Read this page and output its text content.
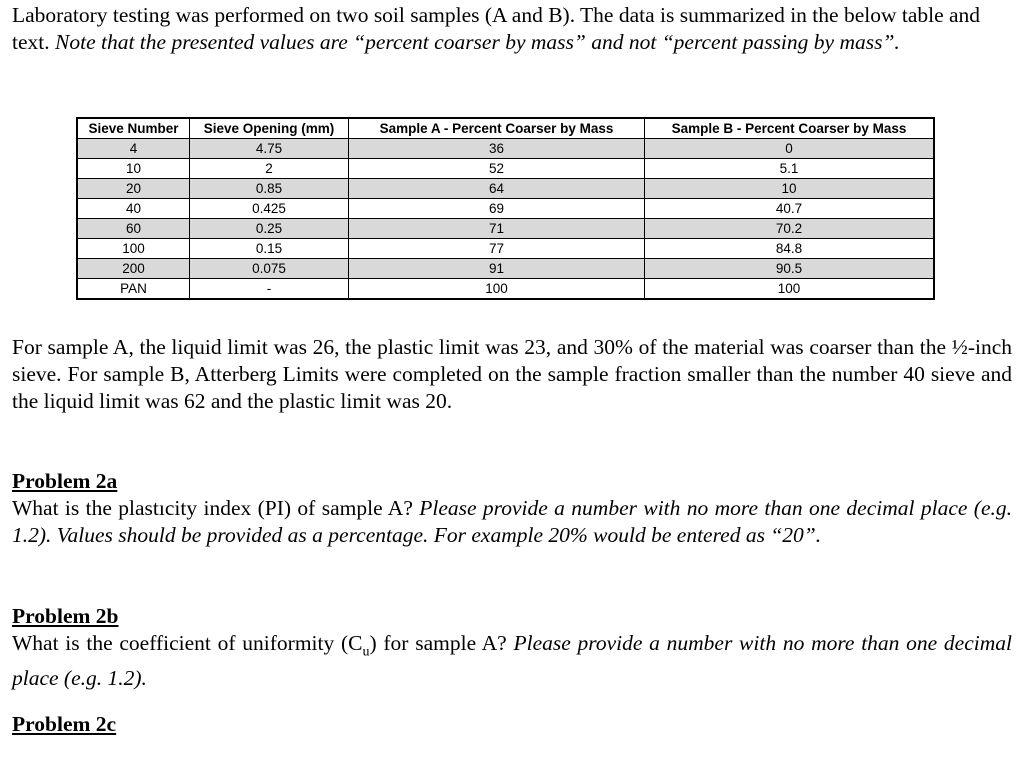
Laboratory testing was performed on two soil samples (A and B). The data is summarized in the below table and text. Note that the presented values are “percent coarser by mass” and not “percent passing by mass”.

Sieve Number	Sieve Opening (mm)	Sample A - Percent Coarser by Mass	Sample B - Percent Coarser by Mass
4	4.75	36	0
10	2	52	5.1
20	0.85	64	10
40	0.425	69	40.7
60	0.25	71	70.2
100	0.15	77	84.8
200	0.075	91	90.5
PAN	-	100	100

For sample A, the liquid limit was 26, the plastic limit was 23, and 30% of the material was coarser than the ½-inch sieve. For sample B, Atterberg Limits were completed on the sample fraction smaller than the number 40 sieve and the liquid limit was 62 and the plastic limit was 20.

Problem 2a
What is the plastıcity index (PI) of sample A? Please provide a number with no more than one decimal place (e.g. 1.2). Values should be provided as a percentage. For example 20% would be entered as “20”.
Problem 2b
What is the coefficient of uniformity $(C_u)$ for sample A? Please provide a number with no more than one decimal place (e.g. 1.2).
Problem 2c
